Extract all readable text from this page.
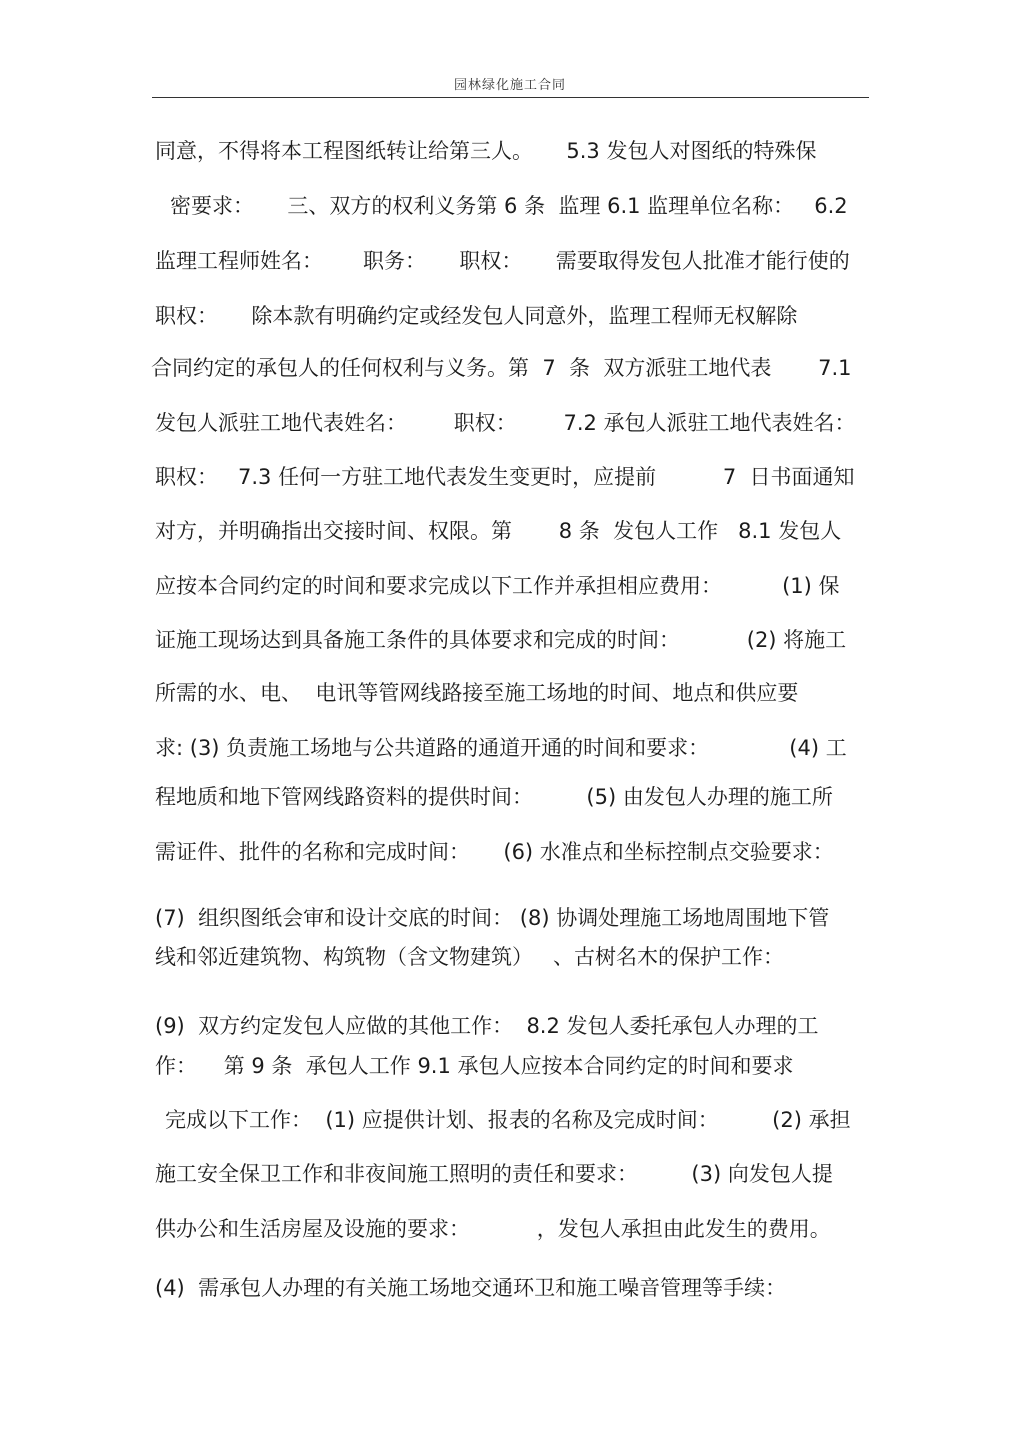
园林绿化施工合同
同意，不得将本工程图纸转让给第三人。     5.3 发包人对图纸的特殊保
密要求：     三、双方的权利义务第 6 条  监理 6.1 监理单位名称：   6.2
监理工程师姓名：      职务：     职权：     需要取得发包人批准才能行使的
职权：     除本款有明确约定或经发包人同意外，监理工程师无权解除
合同约定的承包人的任何权利与义务。第  7  条  双方派驻工地代表       7.1
发包人派驻工地代表姓名：       职权：       7.2 承包人派驻工地代表姓名：
职权：   7.3 任何一方驻工地代表发生变更时，应提前          7  日书面通知
对方，并明确指出交接时间、权限。第       8 条  发包人工作   8.1 发包人
应按本合同约定的时间和要求完成以下工作并承担相应费用：         (1) 保
证施工现场达到具备施工条件的具体要求和完成的时间：          (2) 将施工
所需的水、电、  电讯等管网线路接至施工场地的时间、地点和供应要
求: (3) 负责施工场地与公共道路的通道开通的时间和要求：            (4) 工
程地质和地下管网线路资料的提供时间：        (5) 由发包人办理的施工所
需证件、批件的名称和完成时间：     (6) 水准点和坐标控制点交验要求：
(7)  组织图纸会审和设计交底的时间： (8) 协调处理施工场地周围地下管
线和邻近建筑物、构筑物（含文物建筑）   、古树名木的保护工作：
(9)  双方约定发包人应做的其他工作：  8.2 发包人委托承包人办理的工
作：    第 9 条  承包人工作 9.1 承包人应按本合同约定的时间和要求
完成以下工作：  (1) 应提供计划、报表的名称及完成时间：        (2) 承担
施工安全保卫工作和非夜间施工照明的责任和要求：        (3) 向发包人提
供办公和生活房屋及设施的要求：          ，发包人承担由此发生的费用。
(4)  需承包人办理的有关施工场地交通环卫和施工噪音管理等手续：
